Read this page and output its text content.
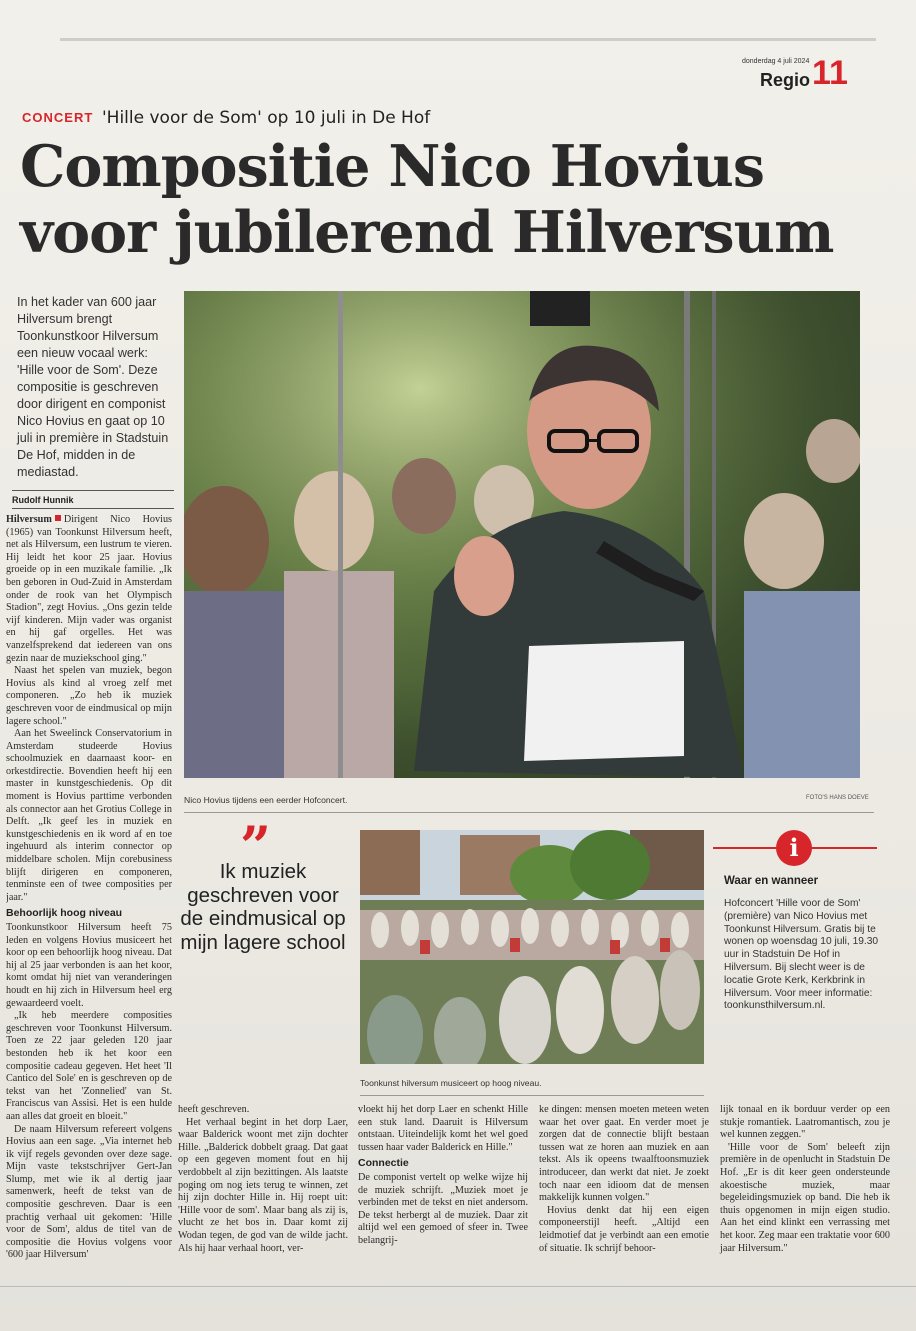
donderdag 4 juli 2024
Regio 11
CONCERT 'Hille voor de Som' op 10 juli in De Hof
Compositie Nico Hovius
voor jubilerend Hilversum
In het kader van 600 jaar Hilversum brengt Toonkunstkoor Hilversum een nieuw vocaal werk: 'Hille voor de Som'. Deze compositie is geschreven door dirigent en componist Nico Hovius en gaat op 10 juli in première in Stadstuin De Hof, midden in de mediastad.
Rudolf Hunnik

Hilversum Dirigent Nico Hovius (1965) van Toonkunst Hilversum heeft, net als Hilversum, een lustrum te vieren. Hij leidt het koor 25 jaar. Hovius groeide op in een muzikale familie. „Ik ben geboren in Oud-Zuid in Amsterdam onder de rook van het Olympisch Stadion", zegt Hovius. „Ons gezin telde vijf kinderen. Mijn vader was organist en hij gaf orgelles. Het was vanzelfsprekend dat iedereen van ons gezin naar de muziekschool ging."

Naast het spelen van muziek, begon Hovius als kind al vroeg zelf met componeren. „Zo heb ik muziek geschreven voor de eindmusical op mijn lagere school."

Aan het Sweelinck Conservatorium in Amsterdam studeerde Hovius schoolmuziek en daarnaast koor- en orkestdirectie. Bovendien heeft hij een master in kunstgeschiedenis. Op dit moment is Hovius parttime verbonden als connector aan het Grotius College in Delft. „Ik geef les in muziek en kunstgeschiedenis en ik word af en toe ingehuurd als interim connector op middelbare scholen. Mijn corebusiness blijft dirigeren en componeren, tenminste een of twee composities per jaar."

Behoorlijk hoog niveau

Toonkunstkoor Hilversum heeft 75 leden en volgens Hovius musiceert het koor op een behoorlijk hoog niveau. Dat hij al 25 jaar verbonden is aan het koor, komt omdat hij niet van veranderingen houdt en hij zich in Hilversum heel erg gewaardeerd voelt.

„Ik heb meerdere composities geschreven voor Toonkunst Hilversum. Toen ze 22 jaar geleden 120 jaar bestonden heb ik het koor een compositie cadeau gegeven. Het heet 'Il Cantico del Sole' en is geschreven op de tekst van het 'Zonnelied' van St. Franciscus van Assisi. Het is een hulde aan alles dat groeit en bloeit."

De naam Hilversum refereert volgens Hovius aan een sage. „Via internet heb ik vijf regels gevonden over deze sage. Mijn vaste tekstschrijver Gert-Jan Slump, met wie ik al dertig jaar samenwerk, heeft de tekst van de compositie geschreven. Daar is een prachtig verhaal uit gekomen: 'Hille voor de Som', aldus de titel van de compositie die Hovius volgens voor '600 jaar Hilversum'

Nico Hovius tijdens een eerder Hofconcert.	FOTO'S HANS DOEVE
”
Ik muziek geschreven voor de eindmusical op mijn lagere school
Toonkunst hilversum musiceert op hoog niveau.
i
Waar en wanneer
Hofconcert 'Hille voor de Som' (première) van Nico Hovius met Toonkunst Hilversum. Gratis bij te wonen op woensdag 10 juli, 19.30 uur in Stadstuin De Hof in Hilversum. Bij slecht weer is de locatie Grote Kerk, Kerkbrink in Hilversum. Voor meer informatie: toonkunsthilversum.nl.

heeft geschreven.

Het verhaal begint in het dorp Laer, waar Balderick woont met zijn dochter Hille. „Balderick dobbelt graag. Dat gaat op een gegeven moment fout en hij verdobbelt al zijn bezittingen. Als laatste poging om nog iets terug te winnen, zet hij zijn dochter Hille in. Hij roept uit: 'Hille voor de som'. Maar bang als zij is, vlucht ze het bos in. Daar komt zij Wodan tegen, de god van de wilde jacht. Als hij haar verhaal hoort, ver-

vloekt hij het dorp Laer en schenkt Hille een stuk land. Daaruit is Hilversum ontstaan. Uiteindelijk komt het wel goed tussen haar vader Balderick en Hille."

Connectie

De componist vertelt op welke wijze hij de muziek schrijft. „Muziek moet je verbinden met de tekst en niet andersom. De tekst herbergt al de muziek. Daar zit altijd wel een gemoed of sfeer in. Twee belangrij-

ke dingen: mensen moeten meteen weten waar het over gaat. En verder moet je zorgen dat de connectie blijft bestaan tussen wat ze horen aan muziek en aan tekst. Als ik opeens twaalftoonsmuziek introduceer, dan werkt dat niet. Je zoekt toch naar een idioom dat de mensen makkelijk kunnen volgen."

Hovius denkt dat hij een eigen componeerstijl heeft. „Altijd een leidmotief dat je verbindt aan een emotie of situatie. Ik schrijf behoor-

lijk tonaal en ik borduur verder op een stukje romantiek. Laatromantisch, zou je wel kunnen zeggen."

'Hille voor de Som' beleeft zijn première in de openlucht in Stadstuin De Hof. „Er is dit keer geen ondersteunde akoestische muziek, maar begeleidingsmuziek op band. Die heb ik thuis opgenomen in mijn eigen studio. Aan het eind klinkt een verrassing met het koor. Zeg maar een traktatie voor 600 jaar Hilversum."
